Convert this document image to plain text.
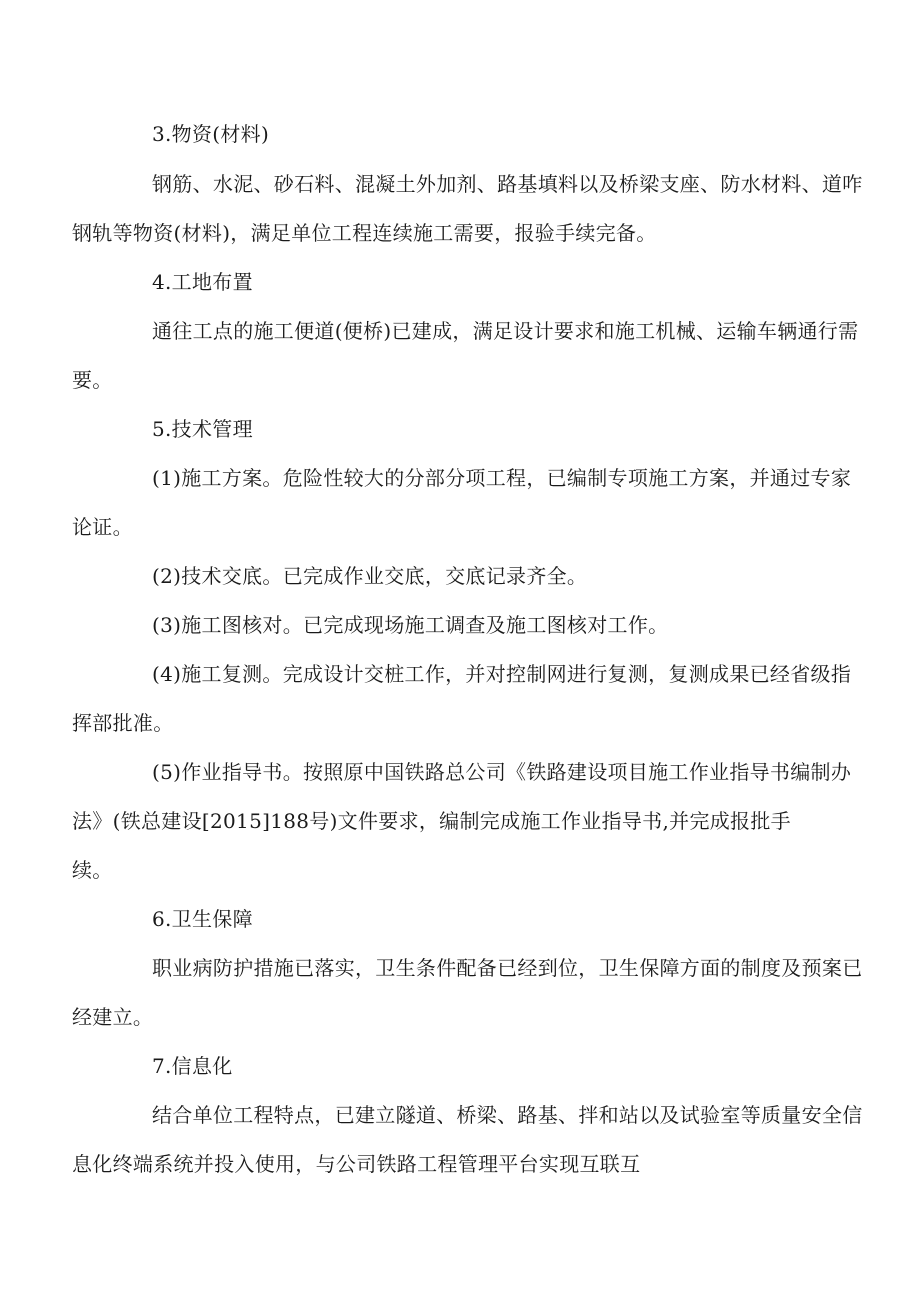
3.物资(材料)
钢筋、水泥、砂石料、混凝土外加剂、路基填料以及桥梁支座、防水材料、道咋
钢轨等物资(材料)，满足单位工程连续施工需要，报验手续完备。
4.工地布置
通往工点的施工便道(便桥)已建成，满足设计要求和施工机械、运输车辆通行需
要。
5.技术管理
(1)施工方案。危险性较大的分部分项工程，已编制专项施工方案，并通过专家
论证。
(2)技术交底。已完成作业交底，交底记录齐全。
(3)施工图核对。已完成现场施工调查及施工图核对工作。
(4)施工复测。完成设计交桩工作，并对控制网进行复测，复测成果已经省级指
挥部批准。
(5)作业指导书。按照原中国铁路总公司《铁路建设项目施工作业指导书编制办
法》(铁总建设[2015]188号)文件要求，编制完成施工作业指导书,并完成报批手
续。
6.卫生保障
职业病防护措施已落实，卫生条件配备已经到位，卫生保障方面的制度及预案已
经建立。
7.信息化
结合单位工程特点，已建立隧道、桥梁、路基、拌和站以及试验室等质量安全信
息化终端系统并投入使用，与公司铁路工程管理平台实现互联互
